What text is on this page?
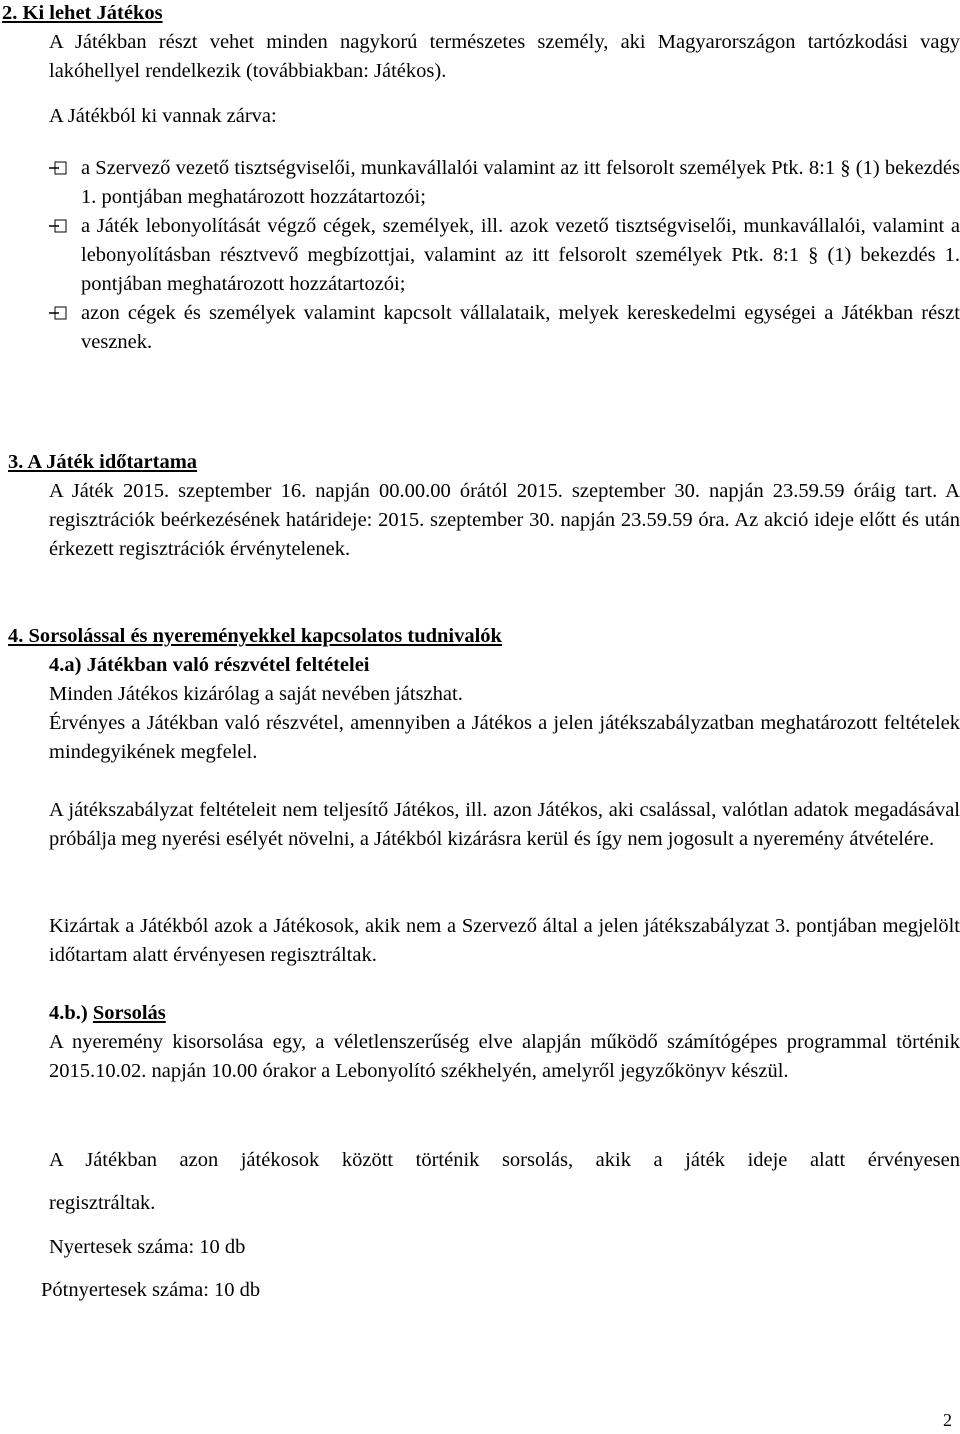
2. Ki lehet Játékos
A Játékban részt vehet minden nagykorú természetes személy, aki Magyarországon tartózkodási vagy lakóhellyel rendelkezik (továbbiakban: Játékos).
A Játékból ki vannak zárva:
a Szervező vezető tisztségviselői, munkavállalói valamint az itt felsorolt személyek Ptk. 8:1 § (1) bekezdés 1. pontjában meghatározott hozzátartozói;
a Játék lebonyolítását végző cégek, személyek, ill. azok vezető tisztségviselői, munkavállalói, valamint a lebonyolításban résztvevő megbízottjai, valamint az itt felsorolt személyek Ptk. 8:1 § (1) bekezdés 1. pontjában meghatározott hozzátartozói;
azon cégek és személyek valamint kapcsolt vállalataik, melyek kereskedelmi egységei a Játékban részt vesznek.
3. A Játék időtartama
A Játék 2015. szeptember 16. napján 00.00.00 órától 2015. szeptember 30. napján 23.59.59 óráig tart. A regisztrációk beérkezésének határideje: 2015. szeptember 30. napján 23.59.59 óra. Az akció ideje előtt és után érkezett regisztrációk érvénytelenek.
4. Sorsolással és nyereményekkel kapcsolatos tudnivalók
4.a) Játékban való részvétel feltételei
Minden Játékos kizárólag a saját nevében játszhat.
Érvényes a Játékban való részvétel, amennyiben a Játékos a jelen játékszabályzatban meghatározott feltételek mindegyikének megfelel.
A játékszabályzat feltételeit nem teljesítő Játékos, ill. azon Játékos, aki csalással, valótlan adatok megadásával próbálja meg nyerési esélyét növelni, a Játékból kizárásra kerül és így nem jogosult a nyeremény átvételére.
Kizártak a Játékból azok a Játékosok, akik nem a Szervező által a jelen játékszabályzat 3. pontjában megjelölt időtartam alatt érvényesen regisztráltak.
4.b.) Sorsolás
A nyeremény kisorsolása egy, a véletlenszerűség elve alapján működő számítógépes programmal történik 2015.10.02. napján 10.00 órakor a Lebonyolító székhelyén, amelyről jegyzőkönyv készül.
A Játékban azon játékosok között történik sorsolás, akik a játék ideje alatt érvényesen
regisztráltak.
Nyertesek száma: 10 db
Pótnyertesek száma: 10 db
2
